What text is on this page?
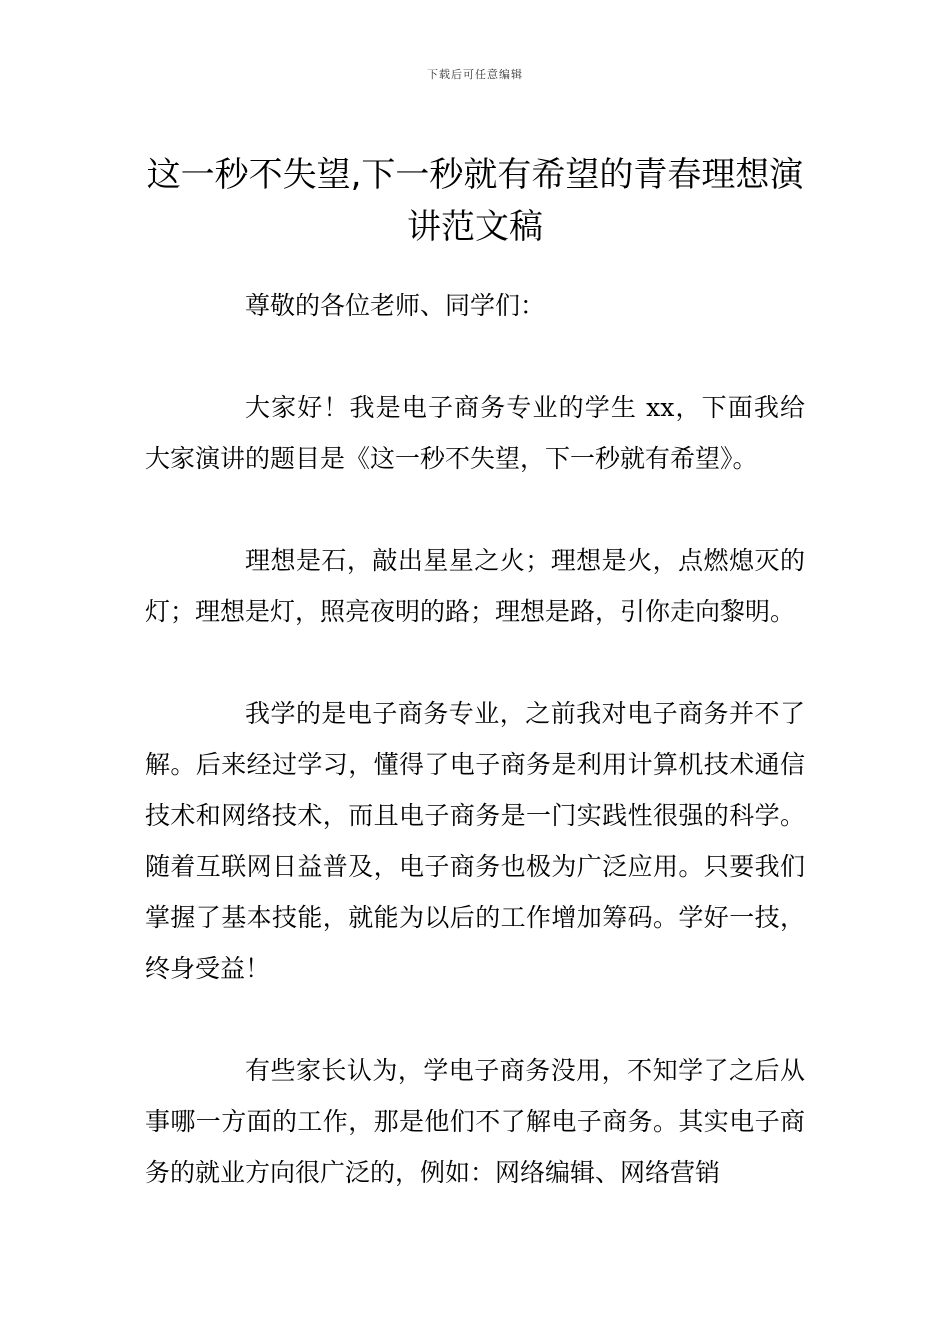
下载后可任意编辑
这一秒不失望,下一秒就有希望的青春理想演讲范文稿

尊敬的各位老师、同学们：

大家好！我是电子商务专业的学生 xx，下面我给大家演讲的题目是《这一秒不失望，下一秒就有希望》。

理想是石，敲出星星之火；理想是火，点燃熄灭的灯；理想是灯，照亮夜明的路；理想是路，引你走向黎明。

我学的是电子商务专业，之前我对电子商务并不了解。后来经过学习，懂得了电子商务是利用计算机技术通信技术和网络技术，而且电子商务是一门实践性很强的科学。随着互联网日益普及，电子商务也极为广泛应用。只要我们掌握了基本技能，就能为以后的工作增加筹码。学好一技，终身受益！

有些家长认为，学电子商务没用，不知学了之后从事哪一方面的工作，那是他们不了解电子商务。其实电子商务的就业方向很广泛的，例如：网络编辑、网络营销
